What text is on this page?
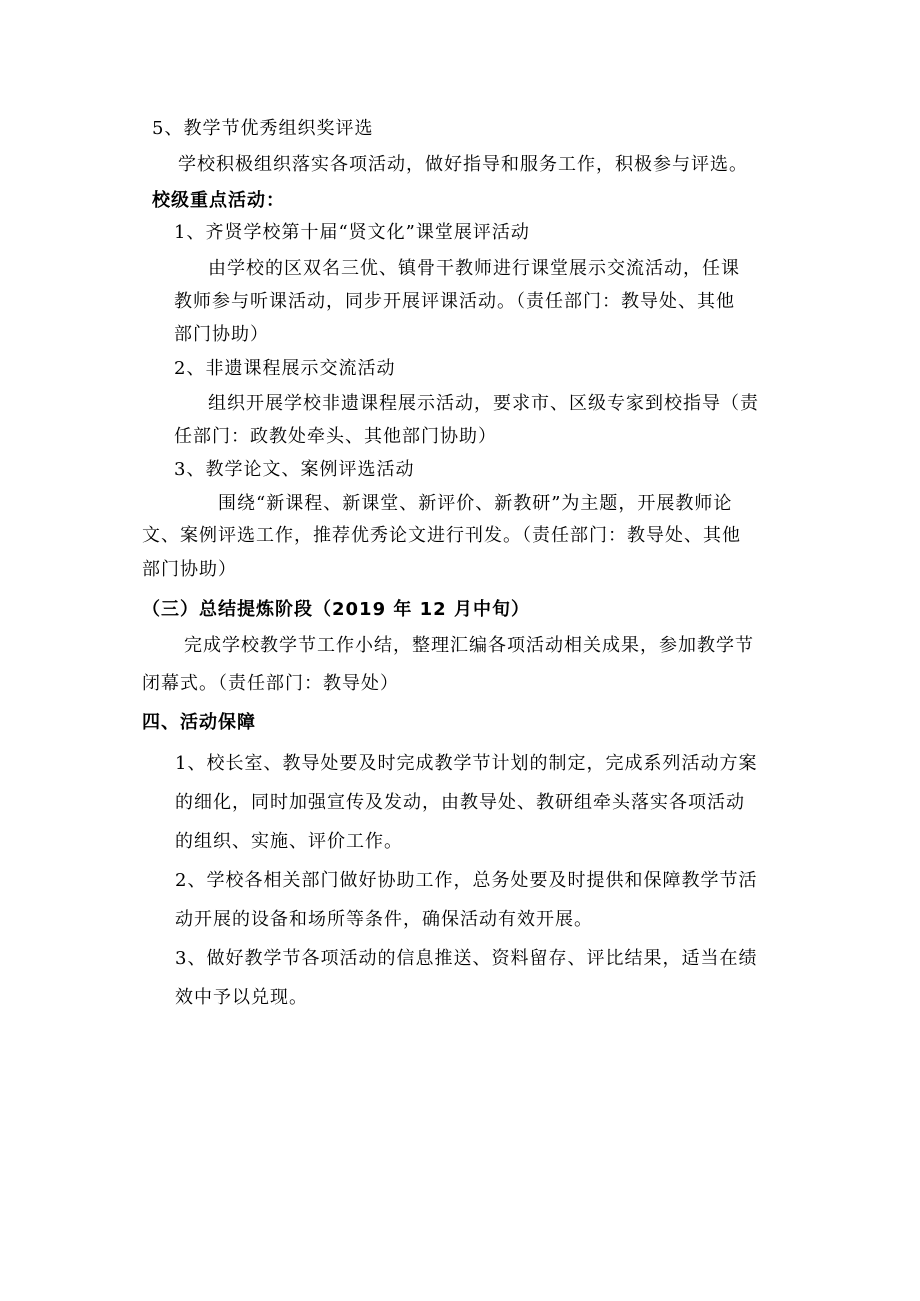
5、教学节优秀组织奖评选
学校积极组织落实各项活动，做好指导和服务工作，积极参与评选。
校级重点活动：
1、齐贤学校第十届“贤文化”课堂展评活动
由学校的区双名三优、镇骨干教师进行课堂展示交流活动，任课
教师参与听课活动，同步开展评课活动。（责任部门：教导处、其他
部门协助）
2、非遗课程展示交流活动
组织开展学校非遗课程展示活动，要求市、区级专家到校指导（责
任部门：政教处牵头、其他部门协助）
3、教学论文、案例评选活动
围绕“新课程、新课堂、新评价、新教研”为主题，开展教师论
文、案例评选工作，推荐优秀论文进行刊发。（责任部门：教导处、其他
部门协助）
（三）总结提炼阶段（2019 年 12 月中旬）
完成学校教学节工作小结，整理汇编各项活动相关成果，参加教学节
闭幕式。（责任部门：教导处）
四、活动保障
1、校长室、教导处要及时完成教学节计划的制定，完成系列活动方案
的细化，同时加强宣传及发动，由教导处、教研组牵头落实各项活动
的组织、实施、评价工作。
2、学校各相关部门做好协助工作，总务处要及时提供和保障教学节活
动开展的设备和场所等条件，确保活动有效开展。
3、做好教学节各项活动的信息推送、资料留存、评比结果，适当在绩
效中予以兑现。
